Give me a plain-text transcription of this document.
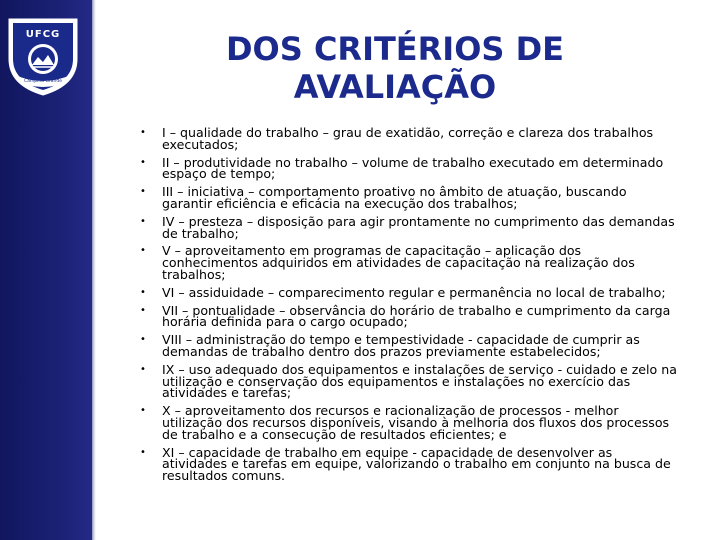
UFCG
Campina Grande
DOS CRITÉRIOS DE
AVALIAÇÃO
• I – qualidade do trabalho – grau de exatidão, correção e clareza dos trabalhos executados;
• II – produtividade no trabalho – volume de trabalho executado em determinado espaço de tempo;
• III – iniciativa – comportamento proativo no âmbito de atuação, buscando garantir eficiência e eficácia na execução dos trabalhos;
• IV – presteza – disposição para agir prontamente no cumprimento das demandas de trabalho;
• V – aproveitamento em programas de capacitação – aplicação dos conhecimentos adquiridos em atividades de capacitação na realização dos trabalhos;
• VI – assiduidade – comparecimento regular e permanência no local de trabalho;
• VII – pontualidade – observância do horário de trabalho e cumprimento da carga horária definida para o cargo ocupado;
• VIII – administração do tempo e tempestividade - capacidade de cumprir as demandas de trabalho dentro dos prazos previamente estabelecidos;
• IX – uso adequado dos equipamentos e instalações de serviço - cuidado e zelo na utilização e conservação dos equipamentos e instalações no exercício das atividades e tarefas;
• X – aproveitamento dos recursos e racionalização de processos - melhor utilização dos recursos disponíveis, visando à melhoria dos fluxos dos processos de trabalho e a consecução de resultados eficientes; e
• XI – capacidade de trabalho em equipe - capacidade de desenvolver as atividades e tarefas em equipe, valorizando o trabalho em conjunto na busca de resultados comuns.
